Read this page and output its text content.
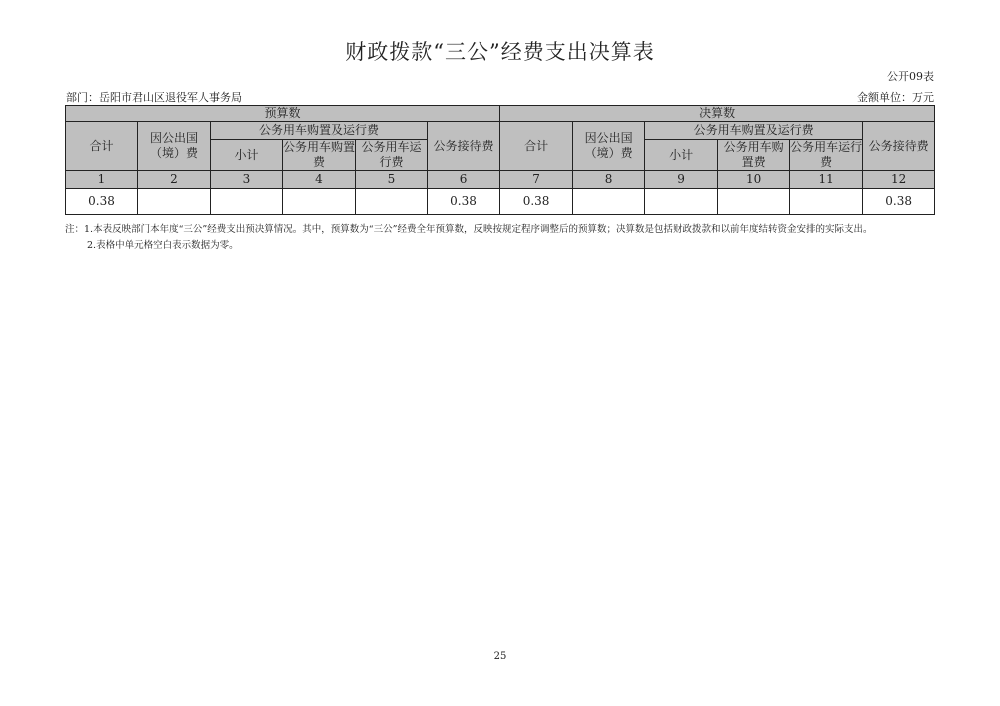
财政拨款“三公”经费支出决算表
公开09表
部门：岳阳市君山区退役军人事务局	金额单位：万元
预算数						决算数					
合计	因公出国（境）费	公务用车购置及运行费			公务接待费	合计	因公出国（境）费	公务用车购置及运行费			公务接待费
		小计	公务用车购置费	公务用车运行费				小计	公务用车购置费	公务用车运行费	
1	2	3	4	5	6	7	8	9	10	11	12
0.38					0.38	0.38					0.38
注：1.本表反映部门本年度“三公”经费支出预决算情况。其中，预算数为“三公”经费全年预算数，反映按规定程序调整后的预算数；决算数是包括财政拨款和以前年度结转资金安排的实际支出。
2.表格中单元格空白表示数据为零。
25
